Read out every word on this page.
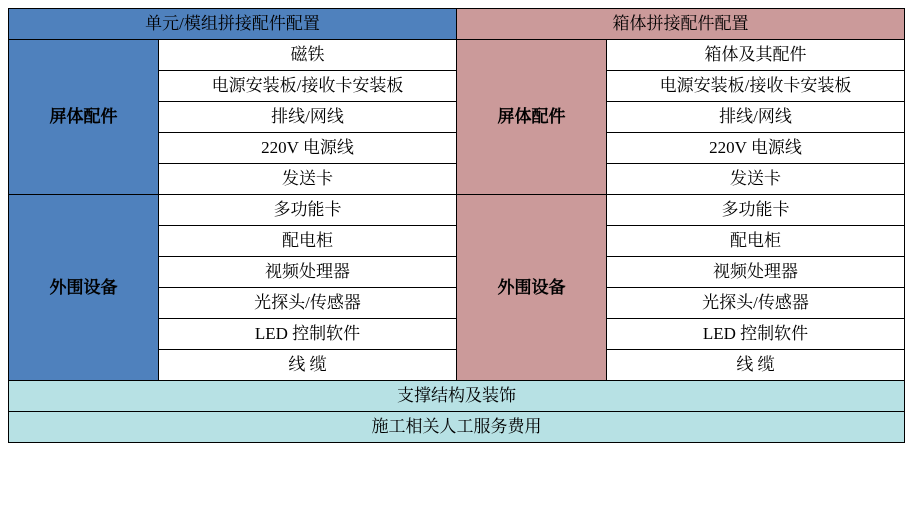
单元/模组拼接配件配置		箱体拼接配件配置	
屏体配件	磁铁	屏体配件	箱体及其配件
	电源安装板/接收卡安装板		电源安装板/接收卡安装板
	排线/网线		排线/网线
	220V 电源线		220V 电源线
	发送卡		发送卡
外围设备	多功能卡	外围设备	多功能卡
	配电柜		配电柜
	视频处理器		视频处理器
	光探头/传感器		光探头/传感器
	LED 控制软件		LED 控制软件
	线 缆		线 缆
支撑结构及装饰			
施工相关人工服务费用			
